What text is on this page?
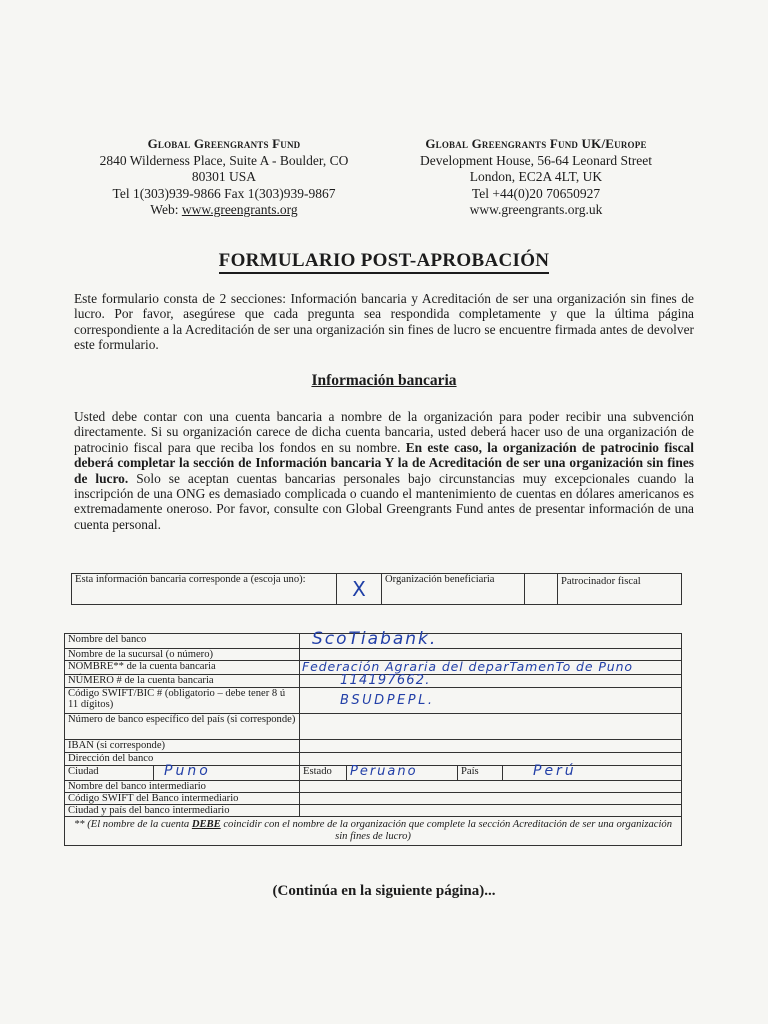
Global Greengrants Fund
2840 Wilderness Place, Suite A - Boulder, CO
80301 USA
Tel 1(303)939-9866 Fax 1(303)939-9867
Web: www.greengrants.org
Global Greengrants Fund UK/Europe
Development House, 56-64 Leonard Street
London, EC2A 4LT, UK
Tel +44(0)20 70650927
www.greengrants.org.uk
FORMULARIO POST-APROBACIÓN
Este formulario consta de 2 secciones: Información bancaria y Acreditación de ser una organización sin fines de lucro. Por favor, asegúrese que cada pregunta sea respondida completamente y que la última página correspondiente a la Acreditación de ser una organización sin fines de lucro se encuentre firmada antes de devolver este formulario.
Información bancaria
Usted debe contar con una cuenta bancaria a nombre de la organización para poder recibir una subvención directamente. Si su organización carece de dicha cuenta bancaria, usted deberá hacer uso de una organización de patrocinio fiscal para que reciba los fondos en su nombre. En este caso, la organización de patrocinio fiscal deberá completar la sección de Información bancaria Y la de Acreditación de ser una organización sin fines de lucro. Solo se aceptan cuentas bancarias personales bajo circunstancias muy excepcionales cuando la inscripción de una ONG es demasiado complicada o cuando el mantenimiento de cuentas en dólares americanos es extremadamente oneroso. Por favor, consulte con Global Greengrants Fund antes de presentar información de una cuenta personal.
Esta información bancaria corresponde a (escoja uno):	X	Organización beneficiaria		Patrocinador fiscal
Nombre del banco		ScoTiabank.			
Nombre de la sucursal (o número)					
NOMBRE** de la cuenta bancaria		Federación Agraria del deparTamenTo de Puno			
NÚMERO # de la cuenta bancaria		114197662.			
Código SWIFT/BIC # (obligatorio – debe tener 8 ú 11 dígitos)		BSUDPEPL.			
Número de banco específico del país (si corresponde)					
IBAN (si corresponde)					
Dirección del banco					
Ciudad	Puno	Estado	Peruano	País	Perú
Nombre del banco intermediario					
Código SWIFT del Banco intermediario					
Ciudad y país del banco intermediario					
** (El nombre de la cuenta DEBE coincidir con el nombre de la organización que complete la sección Acreditación de ser una organización sin fines de lucro)					
(Continúa en la siguiente página)...
